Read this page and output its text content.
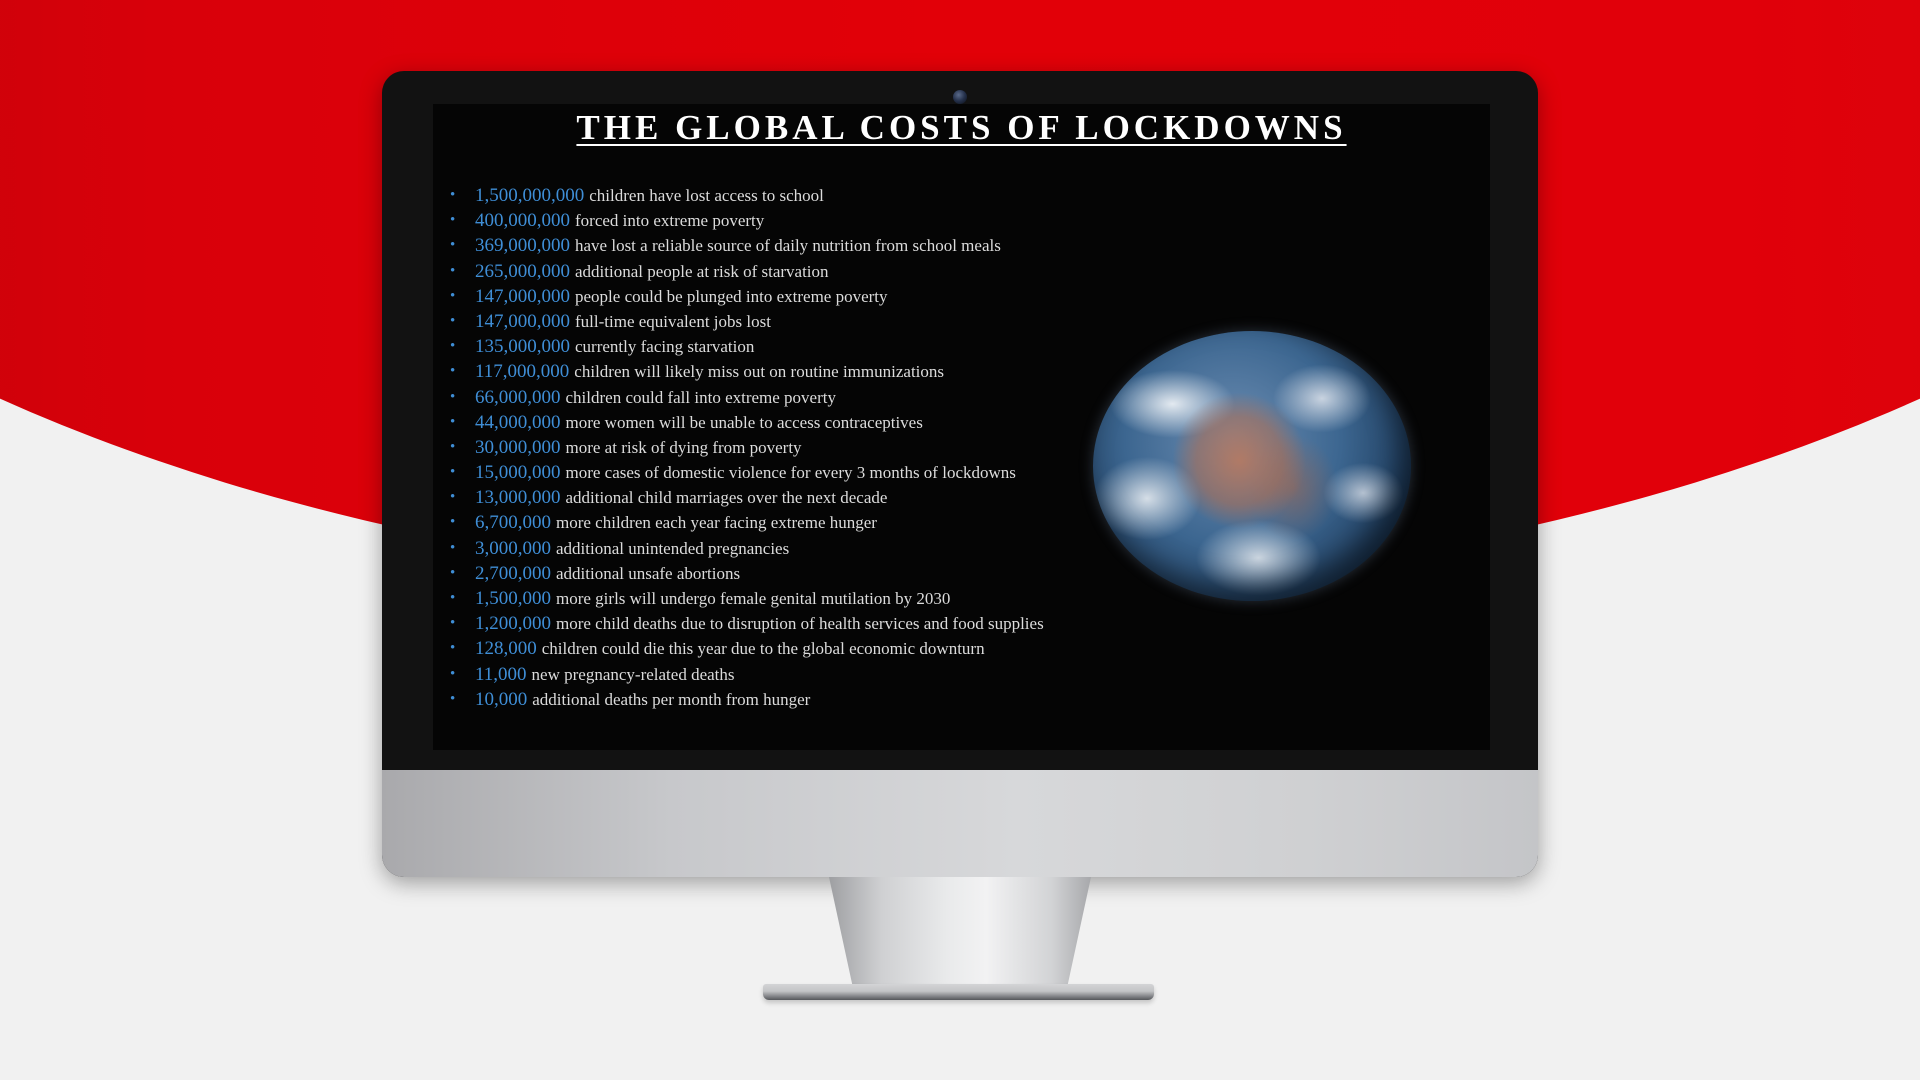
THE GLOBAL COSTS OF LOCKDOWNS
• 1,500,000,000 children have lost access to school
• 400,000,000 forced into extreme poverty
• 369,000,000 have lost a reliable source of daily nutrition from school meals
• 265,000,000 additional people at risk of starvation
• 147,000,000 people could be plunged into extreme poverty
• 147,000,000 full-time equivalent jobs lost
• 135,000,000 currently facing starvation
• 117,000,000 children will likely miss out on routine immunizations
• 66,000,000 children could fall into extreme poverty
• 44,000,000 more women will be unable to access contraceptives
• 30,000,000 more at risk of dying from poverty
• 15,000,000 more cases of domestic violence for every 3 months of lockdowns
• 13,000,000 additional child marriages over the next decade
• 6,700,000 more children each year facing extreme hunger
• 3,000,000 additional unintended pregnancies
• 2,700,000 additional unsafe abortions
• 1,500,000 more girls will undergo female genital mutilation by 2030
• 1,200,000 more child deaths due to disruption of health services and food supplies
• 128,000 children could die this year due to the global economic downturn
• 11,000 new pregnancy-related deaths
• 10,000 additional deaths per month from hunger
